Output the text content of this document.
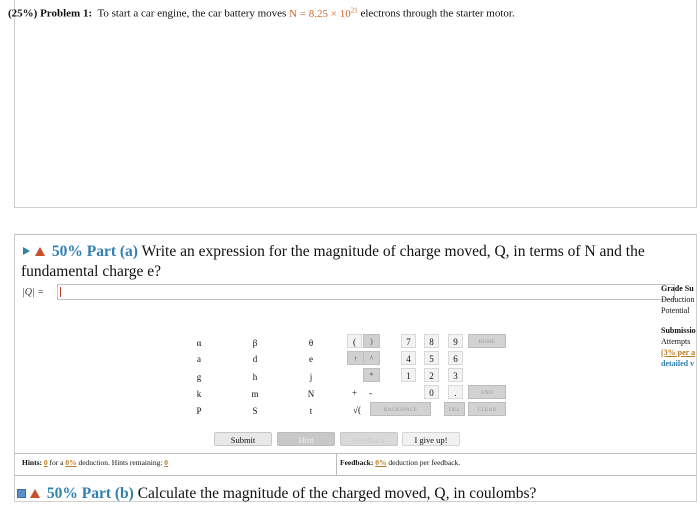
(25%) Problem 1: To start a car engine, the car battery moves $N = 8.25 \times 10^{21}$ electrons through the starter motor.
50% Part (a) Write an expression for the magnitude of charge moved, Q, in terms of N and the fundamental charge e?
|Q| =	Grade Su
Deduction
Potential
Submissio
Attempts
(3% per a
detailed v
α	β	θ
a	d	e
g	h	j
k	m	N
P	S	t
(	)
↑	^
*
+	-
√(
7	8	9
4	5	6
1	2	3
0	.
HOME
END
BACKSPACE	DEL	CLEAR
Submit	Hint	Feedback	I give up!
Hints: 0 for a 0% deduction. Hints remaining: 0	Feedback: 0% deduction per feedback.
50% Part (b) Calculate the magnitude of the charged moved, Q, in coulombs?
